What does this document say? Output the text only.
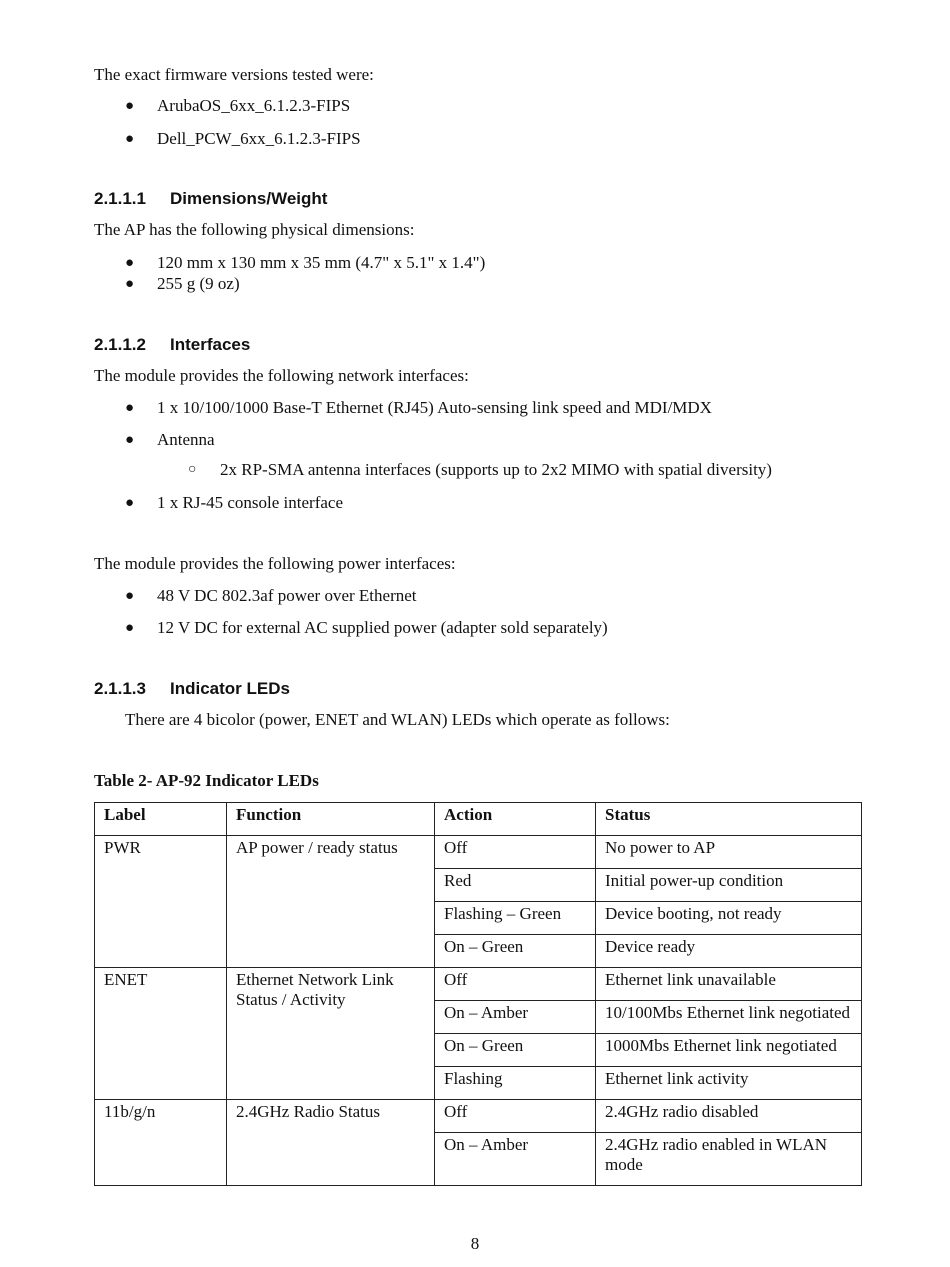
The exact firmware versions tested were:

● ArubaOS_6xx_6.1.2.3-FIPS
● Dell_PCW_6xx_6.1.2.3-FIPS
2.1.1.1 Dimensions/Weight

The AP has the following physical dimensions:

● 120 mm x 130 mm x 35 mm (4.7" x 5.1" x 1.4")
● 255 g (9 oz)
2.1.1.2 Interfaces

The module provides the following network interfaces:

● 1 x 10/100/1000 Base-T Ethernet (RJ45) Auto-sensing link speed and MDI/MDX
● Antenna
○ 2x RP-SMA antenna interfaces (supports up to 2x2 MIMO with spatial diversity)
● 1 x RJ-45 console interface

The module provides the following power interfaces:

● 48 V DC 802.3af power over Ethernet
● 12 V DC for external AC supplied power (adapter sold separately)
2.1.1.3 Indicator LEDs

There are 4 bicolor (power, ENET and WLAN) LEDs which operate as follows:

Table 2- AP-92 Indicator LEDs

Label	Function	Action	Status
PWR	AP power / ready status	Off	No power to AP
		Red	Initial power-up condition
		Flashing – Green	Device booting, not ready
		On – Green	Device ready
ENET	Ethernet Network Link Status / Activity	Off	Ethernet link unavailable
		On – Amber	10/100Mbs Ethernet link negotiated
		On – Green	1000Mbs Ethernet link negotiated
		Flashing	Ethernet link activity
11b/g/n	2.4GHz Radio Status	Off	2.4GHz radio disabled
		On – Amber	2.4GHz radio enabled in WLAN mode
8
